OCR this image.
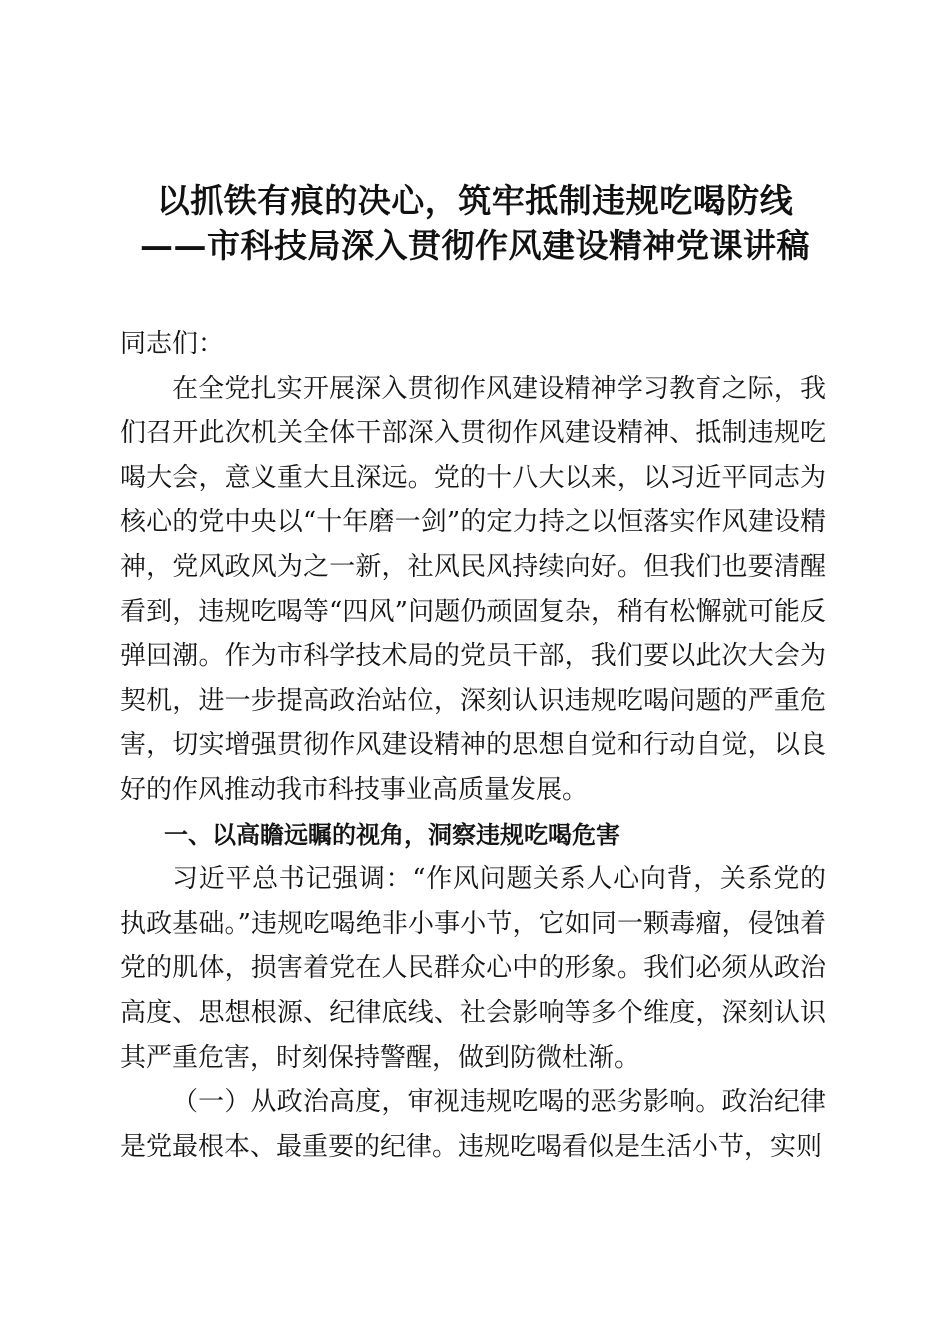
以抓铁有痕的决心，筑牢抵制违规吃喝防线
——市科技局深入贯彻作风建设精神党课讲稿

同志们：

在全党扎实开展深入贯彻作风建设精神学习教育之际，我们召开此次机关全体干部深入贯彻作风建设精神、抵制违规吃喝大会，意义重大且深远。党的十八大以来，以习近平同志为核心的党中央以“十年磨一剑”的定力持之以恒落实作风建设精神，党风政风为之一新，社风民风持续向好。但我们也要清醒看到，违规吃喝等“四风”问题仍顽固复杂，稍有松懈就可能反弹回潮。作为市科学技术局的党员干部，我们要以此次大会为契机，进一步提高政治站位，深刻认识违规吃喝问题的严重危害，切实增强贯彻作风建设精神的思想自觉和行动自觉，以良好的作风推动我市科技事业高质量发展。

一、以高瞻远瞩的视角，洞察违规吃喝危害

习近平总书记强调：“作风问题关系人心向背，关系党的执政基础。”违规吃喝绝非小事小节，它如同一颗毒瘤，侵蚀着党的肌体，损害着党在人民群众心中的形象。我们必须从政治高度、思想根源、纪律底线、社会影响等多个维度，深刻认识其严重危害，时刻保持警醒，做到防微杜渐。

（一）从政治高度，审视违规吃喝的恶劣影响。政治纪律是党最根本、最重要的纪律。违规吃喝看似是生活小节，实则
